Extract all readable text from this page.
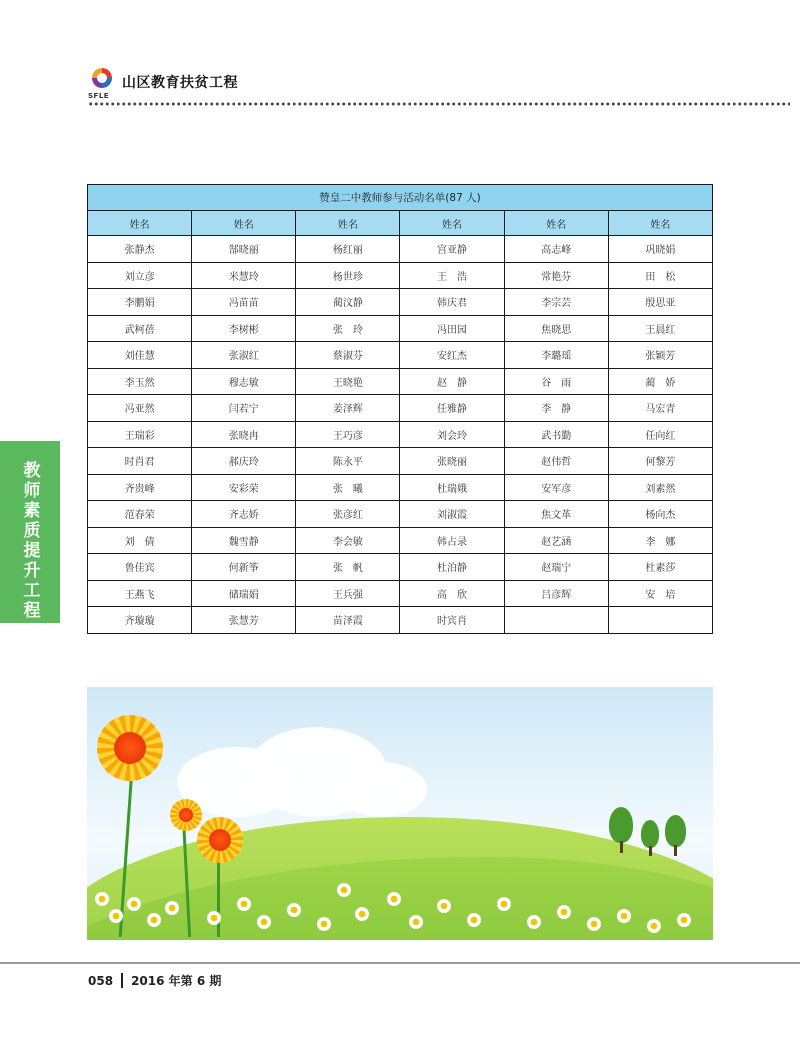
SFLE
山区教育扶贫工程
教师素质提升工程
赞皇二中教师参与活动名单(87 人)					
姓名	姓名	姓名	姓名	姓名	姓名
张静杰	郜晓丽	杨红丽	宫亚静	高志峰	巩晓娟
刘立彦	米慧玲	杨世珍	王　浩	常艳芬	田　松
李鹏娟	冯苗苗	蔺汶静	韩庆君	李宗芸	殷思亚
武柯蓓	李树彬	张　玲	冯田园	焦晓思	王晨红
刘佳慧	张淑红	蔡淑芬	安红杰	李璐瑶	张颖芳
李玉然	穆志敏	王晓艳	赵　静	谷　雨	蔺　娇
冯亚然	闫若宁	姜泽辉	任雅静	李　静	马宏青
王瑞彩	张晓冉	王巧彦	刘会玲	武书勤	任向红
时肖君	郝庆玲	陈永平	张晓丽	赵伟哲	何黎芳
齐贵峰	安彩荣	张　曦	杜瑞娥	安军彦	刘素然
范春荣	齐志娇	张彦红	刘淑霞	焦文革	杨向杰
刘　倩	魏雪静	李会敏	韩占录	赵艺涵	李　娜
鲁佳宾	何新筝	张　帆	杜泊静	赵瑞宁	杜素莎
王燕飞	储瑞娟	王兵强	高　欣	吕彦辉	安　培
齐璇璇	张慧芳	苗泽霞	时宾肖		
058 2016 年第 6 期
